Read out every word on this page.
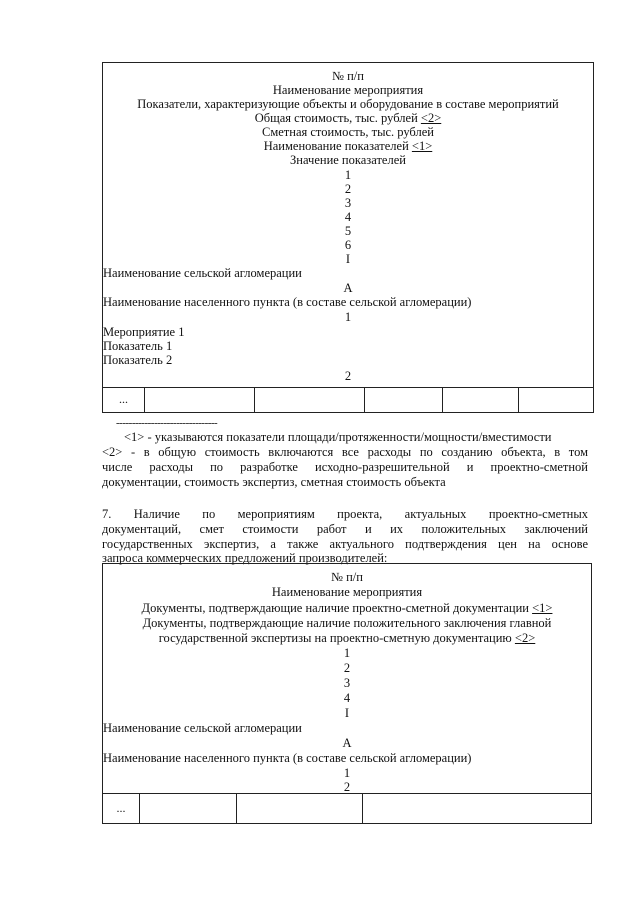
№ п/п
Наименование мероприятия
Показатели, характеризующие объекты и оборудование в составе мероприятий
Общая стоимость, тыс. рублей <2>
Сметная стоимость, тыс. рублей
Наименование показателей <1>
Значение показателей
1
2
3
4
5
6
I
Наименование сельской агломерации
A
Наименование населенного пункта (в составе сельской агломерации)
1
Мероприятие 1
Показатель 1
Показатель 2
2
...
--------------------------------
<1> - указываются показатели площади/протяженности/мощности/вместимости
<2> - в общую стоимость включаются все расходы по созданию объекта, в том
числе расходы по разработке исходно-разрешительной и проектно-сметной
документации, стоимость экспертиз, сметная стоимость объекта
7. Наличие по мероприятиям проекта, актуальных проектно-сметных
документаций, смет стоимости работ и их положительных заключений
государственных экспертиз, а также актуального подтверждения цен на основе
запроса коммерческих предложений производителей:
№ п/п
Наименование мероприятия
Документы, подтверждающие наличие проектно-сметной документации <1>
Документы, подтверждающие наличие положительного заключения главной
государственной экспертизы на проектно-сметную документацию <2>
1
2
3
4
I
Наименование сельской агломерации
A
Наименование населенного пункта (в составе сельской агломерации)
1
2
...
